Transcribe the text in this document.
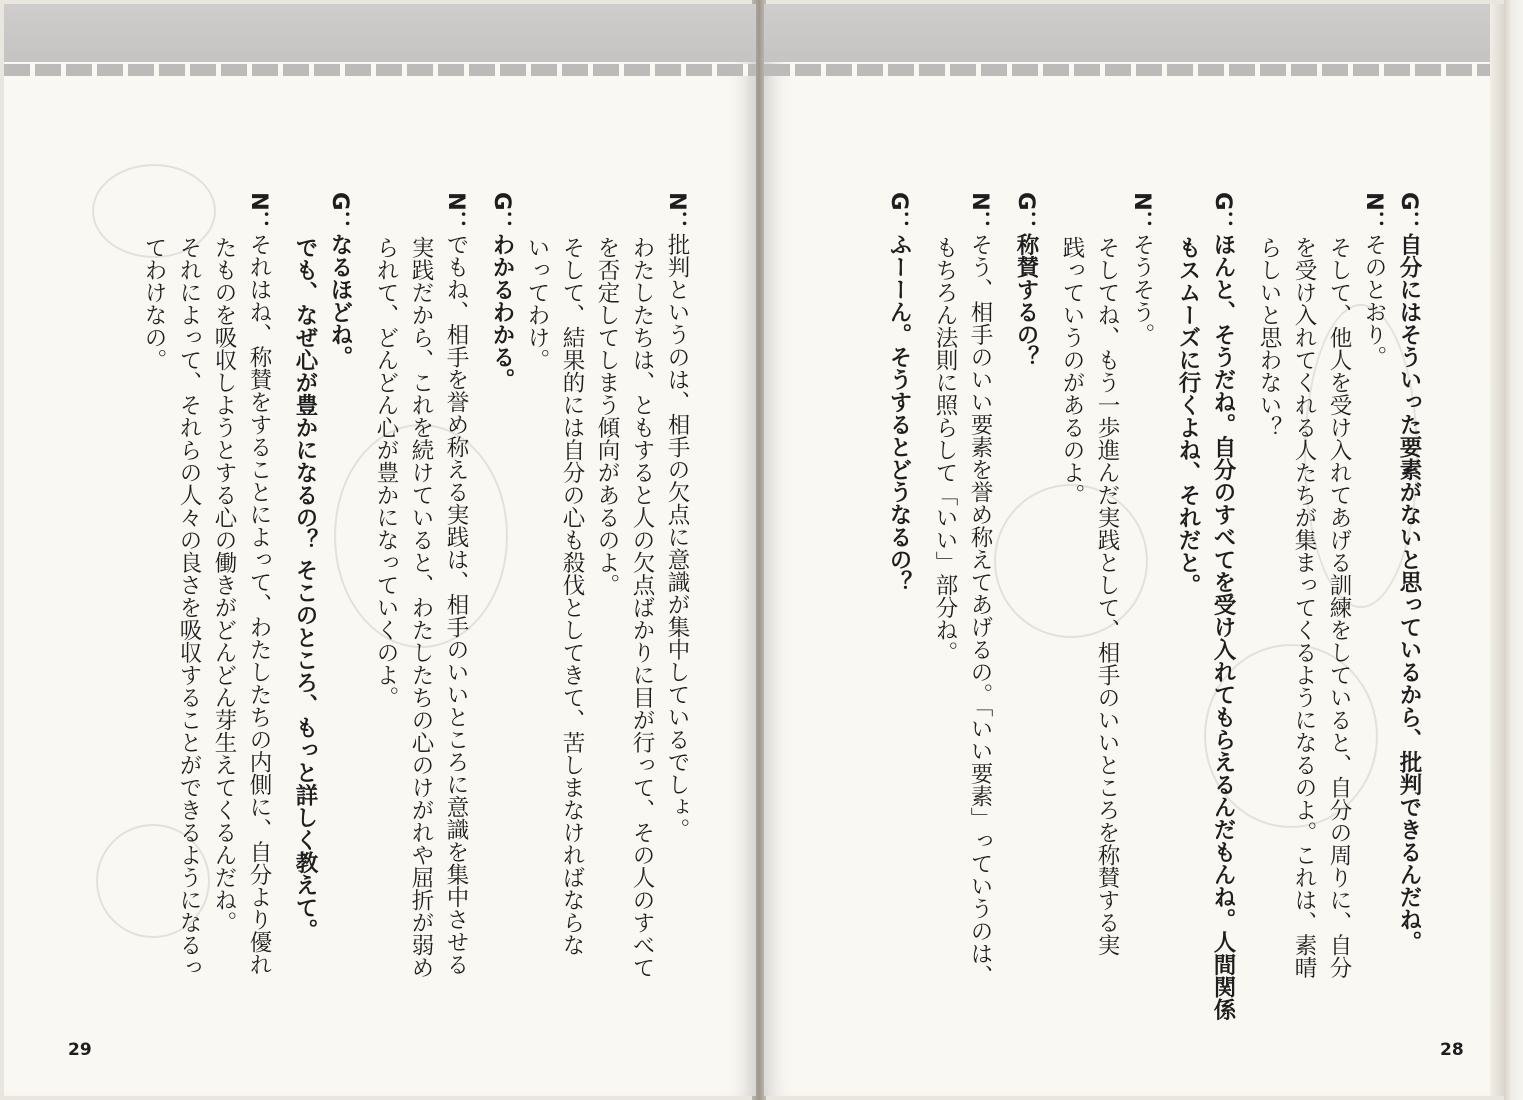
N：批判というのは、相手の欠点に意識が集中しているでしょ。
わたしたちは、ともすると人の欠点ばかりに目が行って、その人のすべて
を否定してしまう傾向があるのよ。
そして、結果的には自分の心も殺伐としてきて、苦しまなければならな
いってわけ。
G：わかるわかる。
N：でもね、相手を誉め称える実践は、相手のいいところに意識を集中させる
実践だから、これを続けていると、わたしたちの心のけがれや屈折が弱め
られて、どんどん心が豊かになっていくのよ。
G：なるほどね。
でも、なぜ心が豊かになるの？ そこのところ、もっと詳しく教えて。
N：それはね、称賛をすることによって、わたしたちの内側に、自分より優れ
たものを吸収しようとする心の働きがどんどん芽生えてくるんだね。
それによって、それらの人々の良さを吸収することができるようになるっ
てわけなの。
29
G：自分にはそういった要素がないと思っているから、批判できるんだね。
N：そのとおり。
そして、他人を受け入れてあげる訓練をしていると、自分の周りに、自分
を受け入れてくれる人たちが集まってくるようになるのよ。これは、素晴
らしいと思わない？
G：ほんと、そうだね。自分のすべてを受け入れてもらえるんだもんね。人間関係
もスムーズに行くよね、それだと。
N：そうそう。
そしてね、もう一歩進んだ実践として、相手のいいところを称賛する実
践っていうのがあるのよ。
G：称賛するの？
N：そう、相手のいい要素を誉め称えてあげるの。「いい要素」っていうのは、
もちろん法則に照らして「いい」部分ね。
G：ふーーん。そうするとどうなるの？
28
